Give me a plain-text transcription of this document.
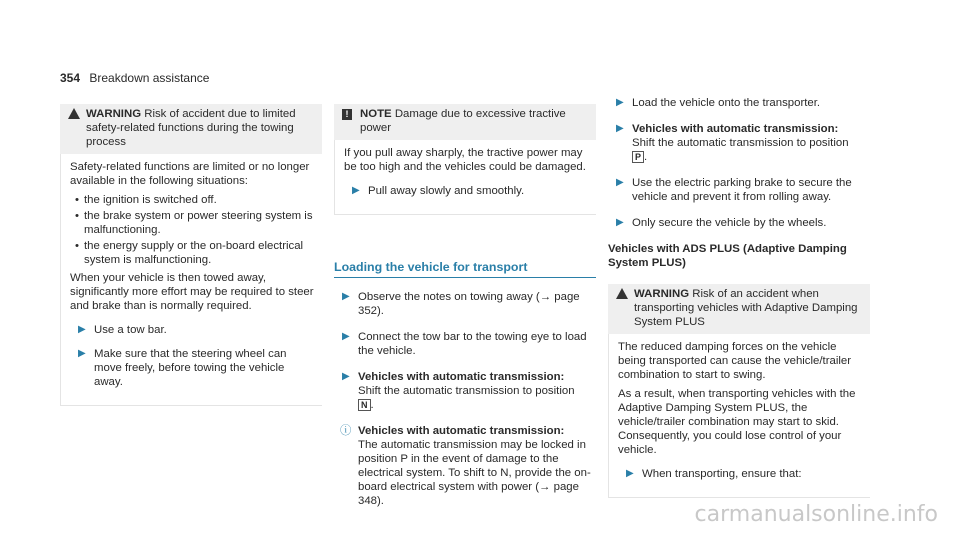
354 Breakdown assistance
WARNING Risk of accident due to limited safety-related functions during the towing process

Safety-related functions are limited or no longer available in the following situations:

• the ignition is switched off.
• the brake system or power steering system is malfunctioning.
• the energy supply or the on-board electrical system is malfunctioning.

When your vehicle is then towed away, significantly more effort may be required to steer and brake than is normally required.

▶ Use a tow bar.
▶ Make sure that the steering wheel can move freely, before towing the vehicle away.
!	NOTE Damage due to excessive tractive power

If you pull away sharply, the tractive power may be too high and the vehicles could be damaged.

▶ Pull away slowly and smoothly.
Loading the vehicle for transport
▶ Observe the notes on towing away (→ page 352).
▶ Connect the tow bar to the towing eye to load the vehicle.
▶ Vehicles with automatic transmission:
Shift the automatic transmission to position
N .
ⓘ Vehicles with automatic transmission:
The automatic transmission may be locked in position P in the event of damage to the electrical system. To shift to N, provide the on-board electrical system with power (→ page 348).
▶ Load the vehicle onto the transporter.
▶ Vehicles with automatic transmission:
Shift the automatic transmission to position
P .
▶ Use the electric parking brake to secure the vehicle and prevent it from rolling away.
▶ Only secure the vehicle by the wheels.
Vehicles with ADS PLUS (Adaptive Damping System PLUS)
WARNING Risk of an accident when transporting vehicles with Adaptive Damping System PLUS

The reduced damping forces on the vehicle being transported can cause the vehicle/trailer combination to start to swing.

As a result, when transporting vehicles with the Adaptive Damping System PLUS, the vehicle/trailer combination may start to skid. Consequently, you could lose control of your vehicle.

▶ When transporting, ensure that:
carmanualsonline.info
